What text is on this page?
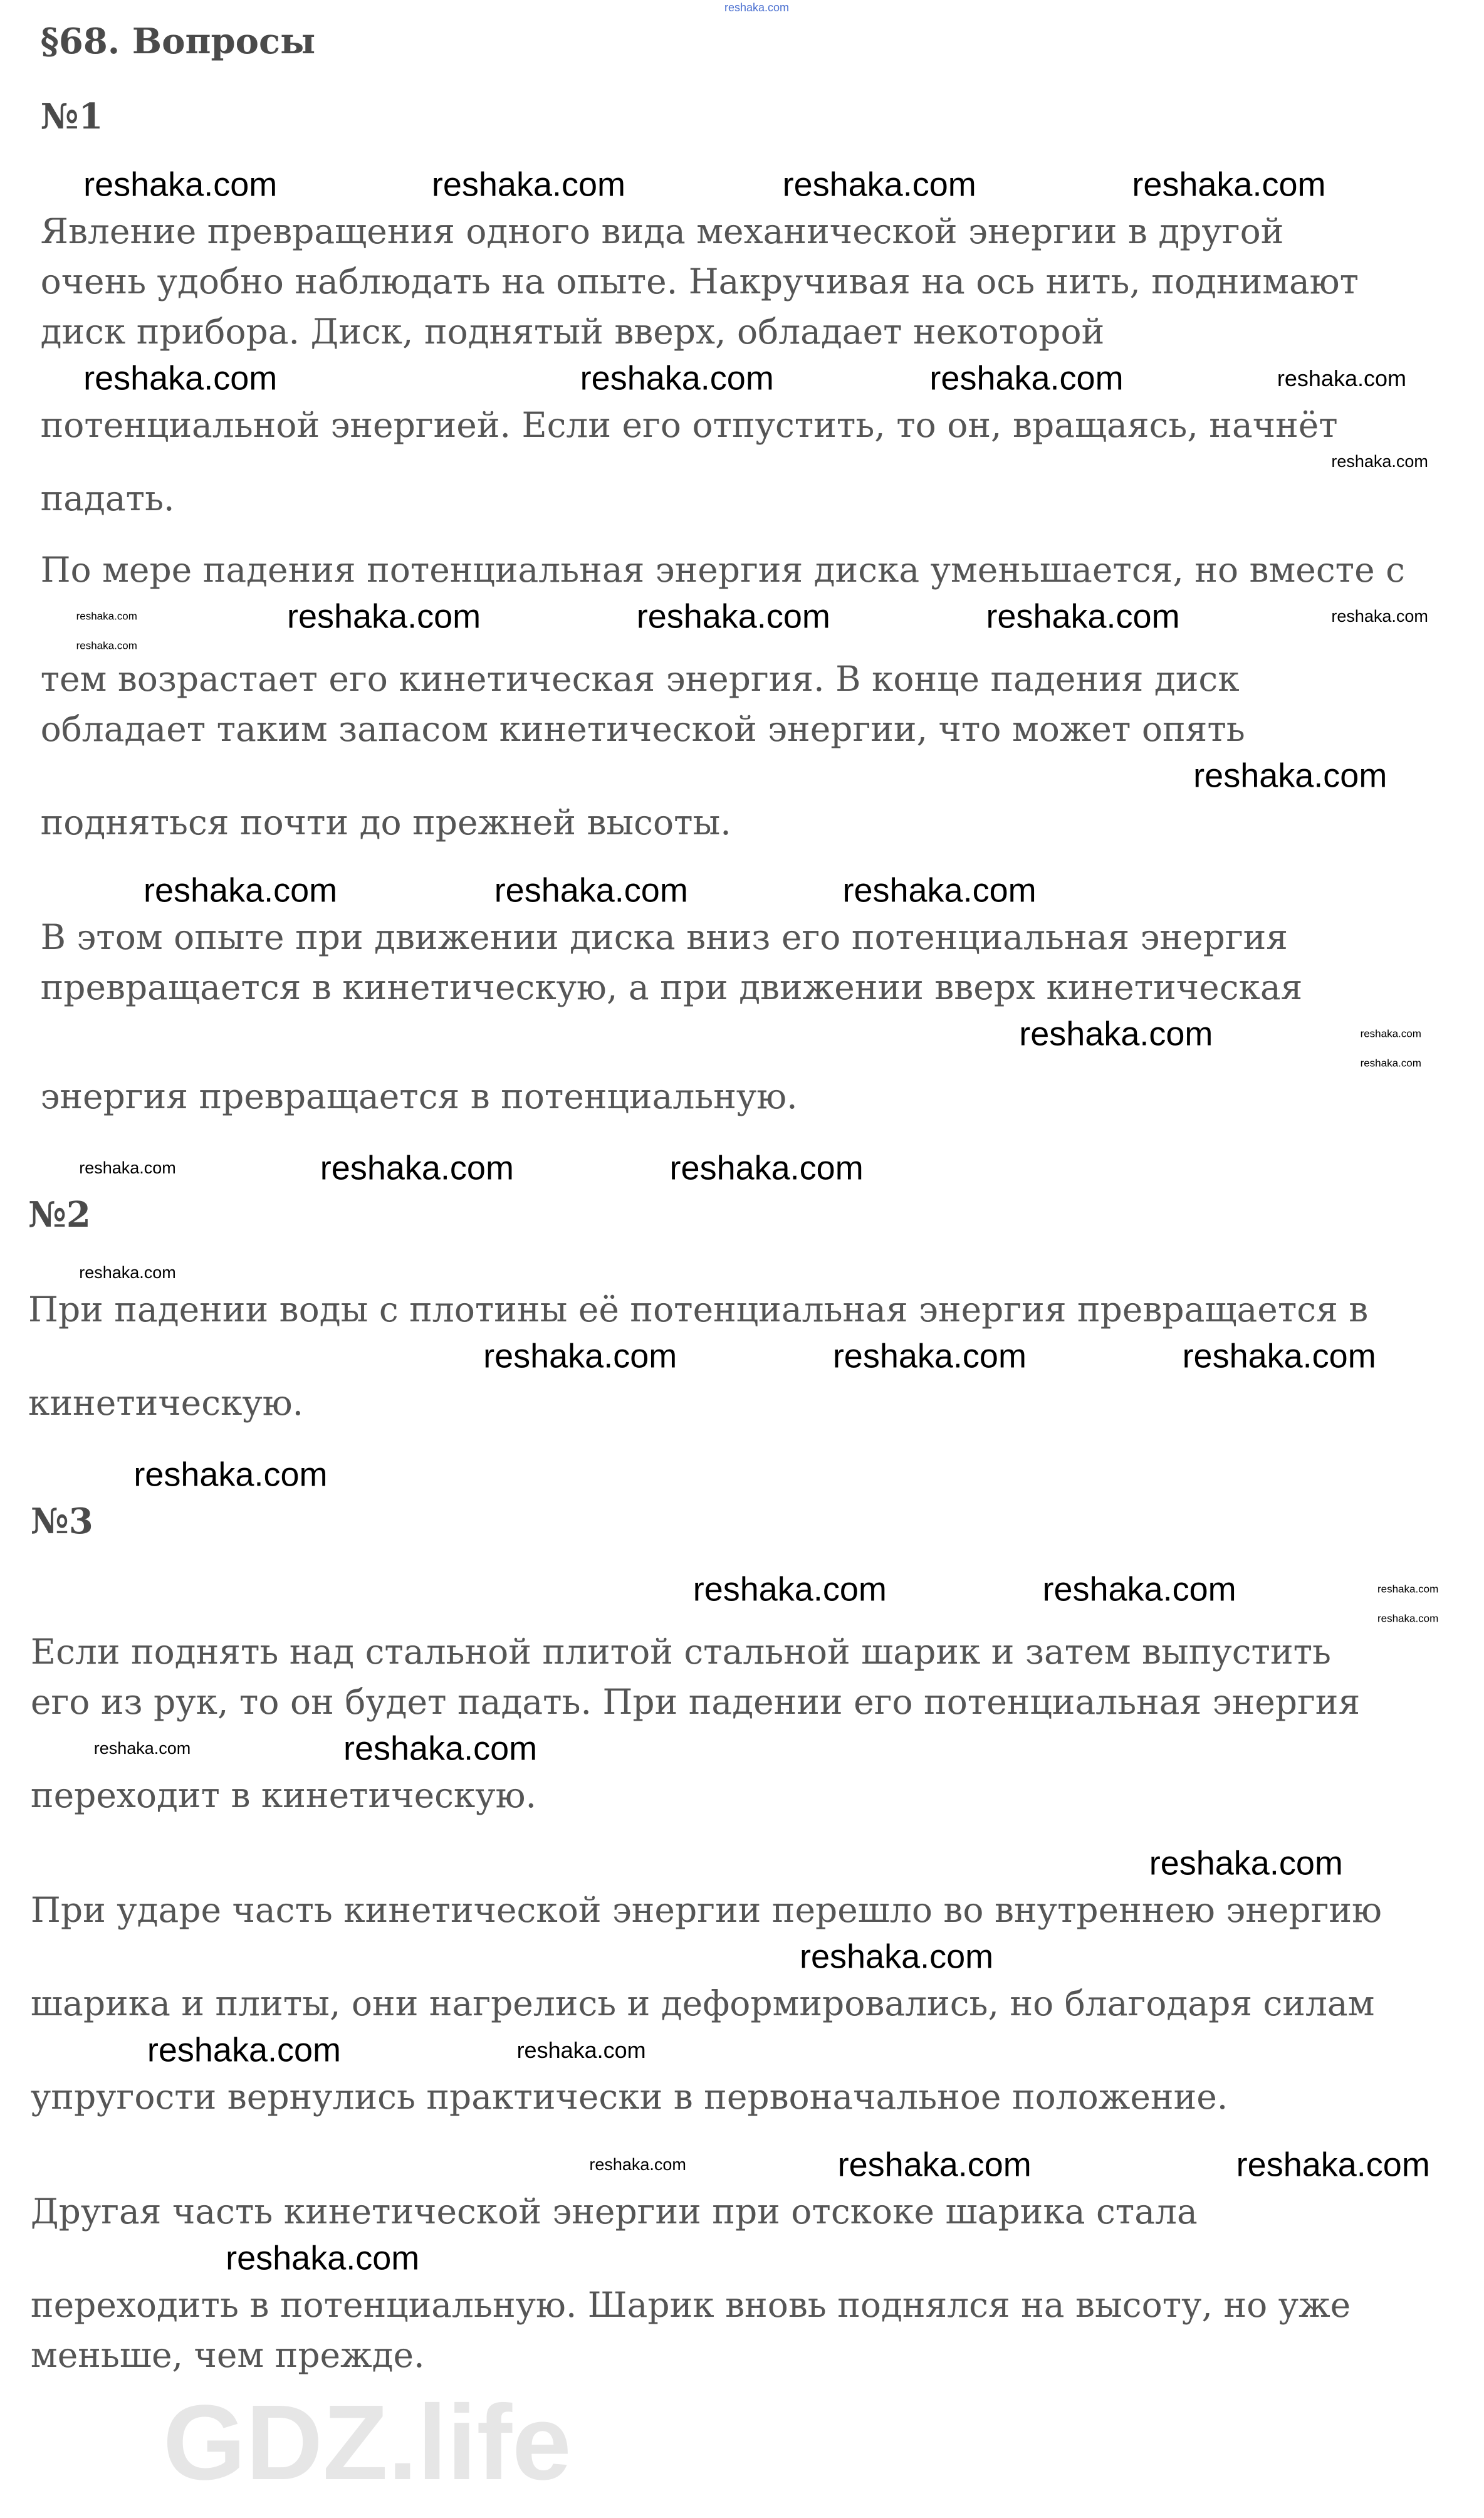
reshaka.com
§68. Вопросы
№1
reshaka.com	reshaka.com	reshaka.com	reshaka.com
Явление превращения одного вида механической энергии в другой
очень удобно наблюдать на опыте. Накручивая на ось нить, поднимают
диск прибора. Диск, поднятый вверх, обладает некоторой
reshaka.com	reshaka.com	reshaka.com	reshaka.com
потенциальной энергией. Если его отпустить, то он, вращаясь, начнёт
reshaka.com
падать.
По мере падения потенциальная энергия диска уменьшается, но вместе с
reshaka.com	reshaka.com	reshaka.com	reshaka.com	reshaka.com
reshaka.com
тем возрастает его кинетическая энергия. В конце падения диск
обладает таким запасом кинетической энергии, что может опять
reshaka.com
подняться почти до прежней высоты.
reshaka.com	reshaka.com	reshaka.com
В этом опыте при движении диска вниз его потенциальная энергия
превращается в кинетическую, а при движении вверх кинетическая
reshaka.com	reshaka.com
reshaka.com
энергия превращается в потенциальную.
reshaka.com	reshaka.com	reshaka.com
№2
reshaka.com
При падении воды с плотины её потенциальная энергия превращается в
reshaka.com	reshaka.com	reshaka.com
кинетическую.
reshaka.com
№3
reshaka.com	reshaka.com	reshaka.com
reshaka.com
Если поднять над стальной плитой стальной шарик и затем выпустить
его из рук, то он будет падать. При падении его потенциальная энергия
reshaka.com	reshaka.com
переходит в кинетическую.
reshaka.com
При ударе часть кинетической энергии перешло во внутреннею энергию
reshaka.com
шарика и плиты, они нагрелись и деформировались, но благодаря силам
reshaka.com	reshaka.com
упругости вернулись практически в первоначальное положение.
reshaka.com	reshaka.com	reshaka.com
Другая часть кинетической энергии при отскоке шарика стала
reshaka.com
переходить в потенциальную. Шарик вновь поднялся на высоту, но уже
меньше, чем прежде.
GDZ.life
